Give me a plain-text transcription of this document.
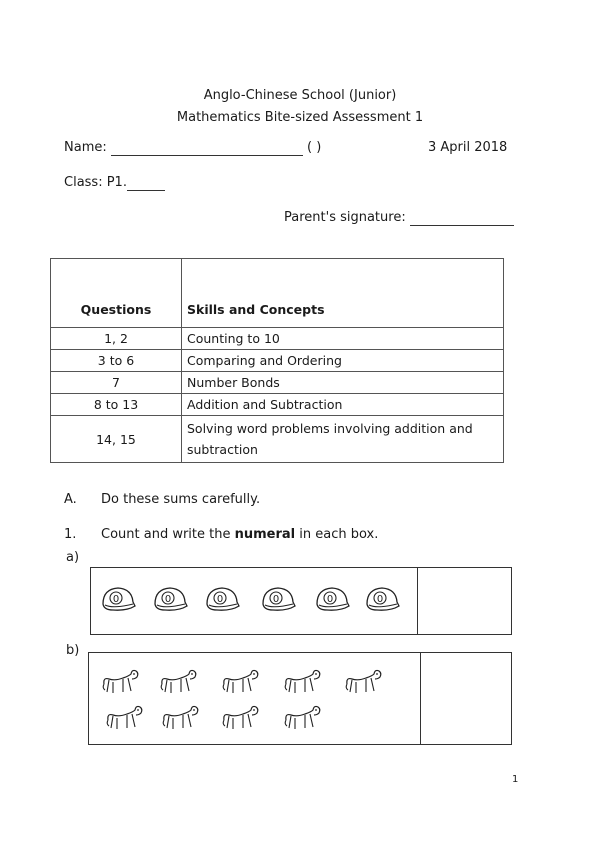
Anglo-Chinese School (Junior)
Mathematics Bite-sized Assessment 1
Name:	( )	3 April 2018
Class: P1.
Parent's signature:
Questions	Skills and Concepts
1, 2	Counting to 10
3 to 6	Comparing and Ordering
7	Number Bonds
8 to 13	Addition and Subtraction
14, 15	Solving word problems involving addition and subtraction
A. Do these sums carefully.
1. Count and write the numeral in each box.
a)
0	0	0	0	0	0
b)
1
